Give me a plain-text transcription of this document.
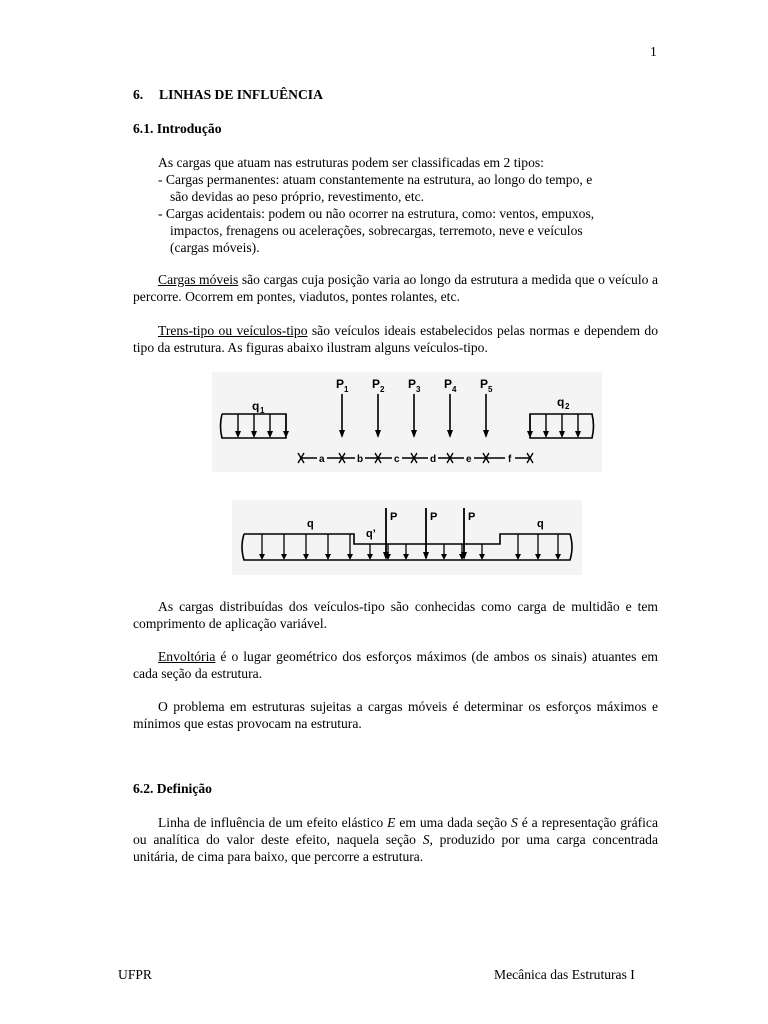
1
6. LINHAS DE INFLUÊNCIA
6.1. Introdução
As cargas que atuam nas estruturas podem ser classificadas em 2 tipos:
- Cargas permanentes: atuam constantemente na estrutura, ao longo do tempo, e
são devidas ao peso próprio, revestimento, etc.
- Cargas acidentais: podem ou não ocorrer na estrutura, como: ventos, empuxos,
impactos, frenagens ou acelerações, sobrecargas, terremoto, neve e veículos
(cargas móveis).
Cargas móveis são cargas cuja posição varia ao longo da estrutura a medida que o veículo a percorre. Ocorrem em pontes, viadutos, pontes rolantes, etc.
Trens-tipo ou veículos-tipo são veículos ideais estabelecidos pelas normas e dependem do tipo da estrutura. As figuras abaixo ilustram alguns veículos-tipo.
q 1
P 1 P 2 P 3 P 4 P 5
q 2
a	b	c	d	e	f
q
q’
P	P	P
q
As cargas distribuídas dos veículos-tipo são conhecidas como carga de multidão e tem comprimento de aplicação variável.
Envoltória é o lugar geométrico dos esforços máximos (de ambos os sinais) atuantes em cada seção da estrutura.
O problema em estruturas sujeitas a cargas móveis é determinar os esforços máximos e mínimos que estas provocam na estrutura.
6.2. Definição
Linha de influência de um efeito elástico E em uma dada seção S é a representação gráfica ou analítica do valor deste efeito, naquela seção S, produzido por uma carga concentrada unitária, de cima para baixo, que percorre a estrutura.
UFPR	Mecânica das Estruturas I
